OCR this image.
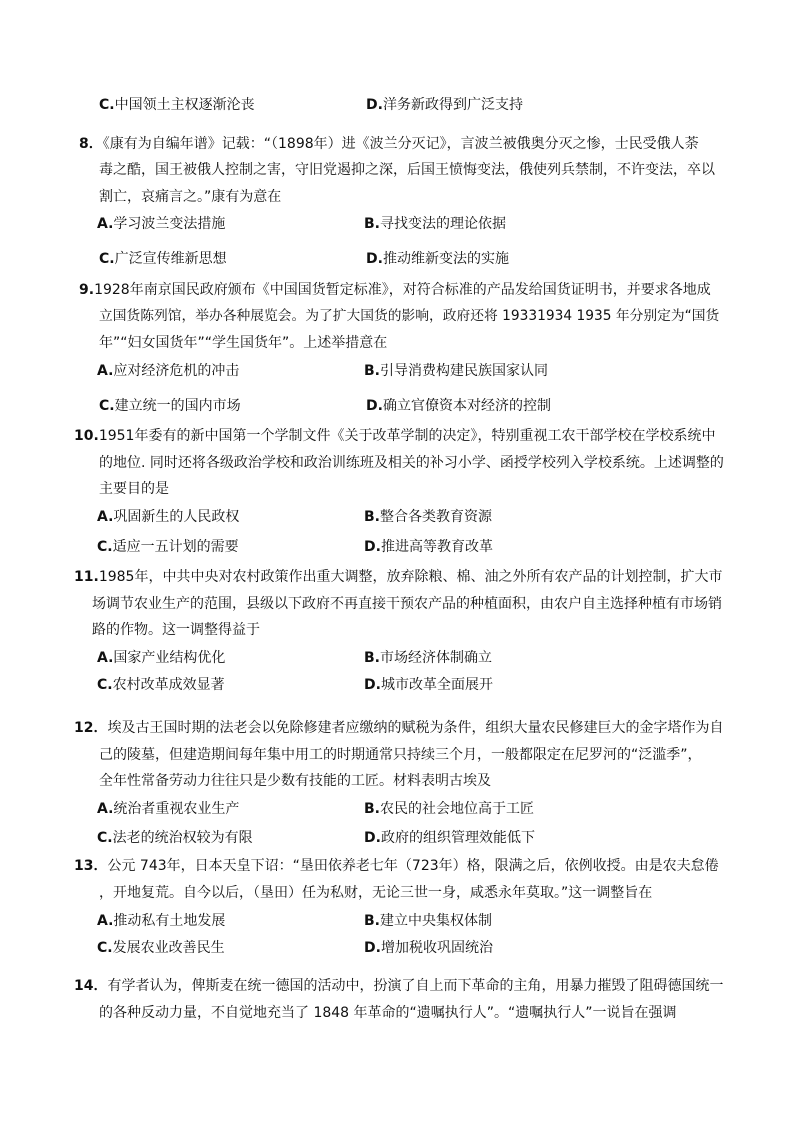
C.中国领土主权逐渐沦丧	D.洋务新政得到广泛支持
8．《康有为自编年谱》记载：“（1898年）进《波兰分灭记》，言波兰被俄奥分灭之惨，士民受俄人荼
毒之酷，国王被俄人控制之害，守旧党遏抑之深，后国王愤悔变法，俄使列兵禁制，不许变法，卒以
割亡，哀痛言之。”康有为意在
A.学习波兰变法措施	B.寻找变法的理论依据
C.广泛宣传维新思想	D.推动维新变法的实施
9.1928年南京国民政府颁布《中国国货暂定标准》，对符合标准的产品发给国货证明书，并要求各地成
立国货陈列馆，举办各种展览会。为了扩大国货的影响，政府还将 19331934 1935 年分别定为“国货
年”“妇女国货年”“学生国货年”。上述举措意在
A.应对经济危机的冲击	B.引导消费构建民族国家认同
C.建立统一的国内市场	D.确立官僚资本对经济的控制
10.1951年委有的新中国第一个学制文件《关于改革学制的决定》，特别重视工农干部学校在学校系统中
的地位. 同时还将各级政治学校和政治训练班及相关的补习小学、函授学校列入学校系统。上述调整的
主要目的是
A.巩固新生的人民政权	B.整合各类教育资源
C.适应一五计划的需要	D.推进高等教育改革
11.1985年，中共中央对农村政策作出重大调整，放弃除粮、棉、油之外所有农产品的计划控制，扩大市
场调节农业生产的范围，县级以下政府不再直接干预农产品的种植面积，由农户自主选择种植有市场销
路的作物。这一调整得益于
A.国家产业结构优化	B.市场经济体制确立
C.农村改革成效显著	D.城市改革全面展开
12．埃及古王国时期的法老会以免除修建者应缴纳的赋税为条件，组织大量农民修建巨大的金字塔作为自
己的陵墓，但建造期间每年集中用工的时期通常只持续三个月，一般都限定在尼罗河的“泛滥季”，
全年性常备劳动力往往只是少数有技能的工匠。材料表明古埃及
A.统治者重视农业生产	B.农民的社会地位高于工匠
C.法老的统治权较为有限	D.政府的组织管理效能低下
13．公元 743年，日本天皇下诏：“垦田依养老七年（723年）格，限满之后，依例收授。由是农夫怠倦
，开地复荒。自今以后，（垦田）任为私财，无论三世一身，咸悉永年莫取。”这一调整旨在
A.推动私有土地发展	B.建立中央集权体制
C.发展农业改善民生	D.增加税收巩固统治
14．有学者认为，俾斯麦在统一德国的活动中，扮演了自上而下革命的主角，用暴力摧毁了阻碍德国统一
的各种反动力量，不自觉地充当了 1848 年革命的“遗嘱执行人”。“遗嘱执行人”一说旨在强调
